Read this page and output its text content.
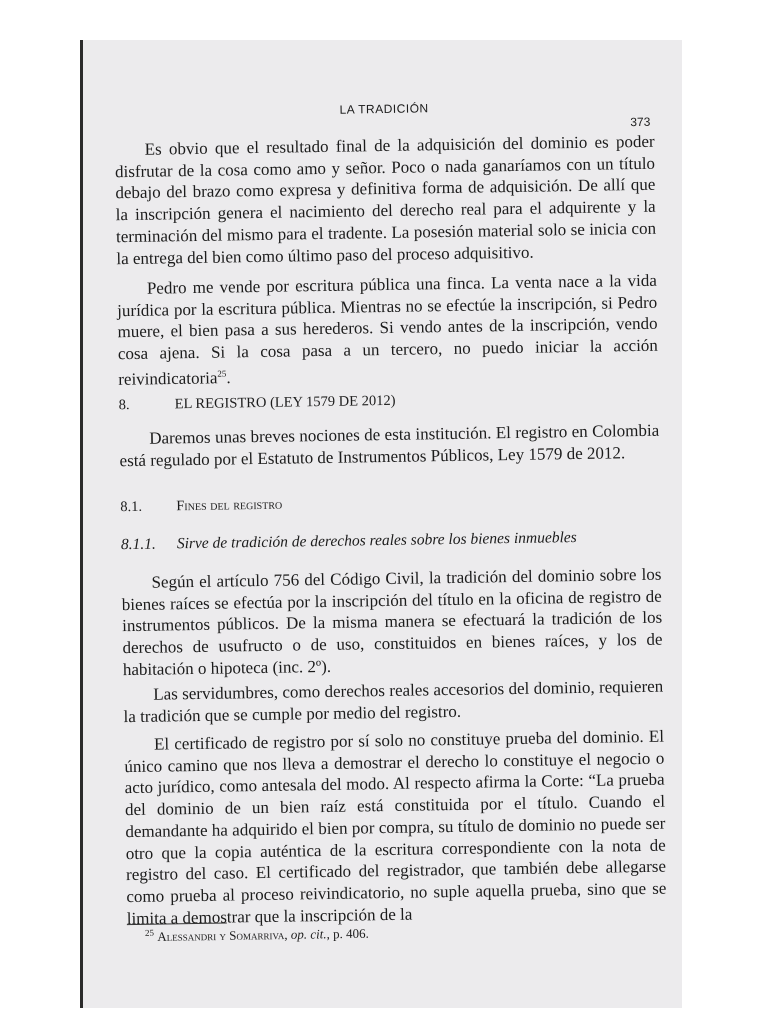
LA TRADICIÓN
373

Es obvio que el resultado final de la adquisición del dominio es poder disfrutar de la cosa como amo y señor. Poco o nada ganaríamos con un título debajo del brazo como expresa y definitiva forma de adquisición. De allí que la inscripción genera el nacimiento del derecho real para el adquirente y la terminación del mismo para el tradente. La posesión material solo se inicia con la entrega del bien como último paso del proceso adquisitivo.

Pedro me vende por escritura pública una finca. La venta nace a la vida jurídica por la escritura pública. Mientras no se efectúe la inscripción, si Pedro muere, el bien pasa a sus herederos. Si vendo antes de la inscripción, vendo cosa ajena. Si la cosa pasa a un tercero, no puedo iniciar la acción reivindicatoria$^{25}$.

8.	EL REGISTRO (LEY 1579 DE 2012)

Daremos unas breves nociones de esta institución. El registro en Colombia está regulado por el Estatuto de Instrumentos Públicos, Ley 1579 de 2012.

8.1. Fines del registro

8.1.1. Sirve de tradición de derechos reales sobre los bienes inmuebles

Según el artículo 756 del Código Civil, la tradición del dominio sobre los bienes raíces se efectúa por la inscripción del título en la oficina de registro de instrumentos públicos. De la misma manera se efectuará la tradición de los derechos de usufructo o de uso, constituidos en bienes raíces, y los de habitación o hipoteca (inc. 2º).

Las servidumbres, como derechos reales accesorios del dominio, requieren la tradición que se cumple por medio del registro.

El certificado de registro por sí solo no constituye prueba del dominio. El único camino que nos lleva a demostrar el derecho lo constituye el negocio o acto jurídico, como antesala del modo. Al respecto afirma la Corte: “La prueba del dominio de un bien raíz está constituida por el título. Cuando el demandante ha adquirido el bien por compra, su título de dominio no puede ser otro que la copia auténtica de la escritura correspondiente con la nota de registro del caso. El certificado del registrador, que también debe allegarse como prueba al proceso reivindicatorio, no suple aquella prueba, sino que se limita a demostrar que la inscripción de la

$^{25}$ Alessandri y Somarriva, op. cit., p. 406.
